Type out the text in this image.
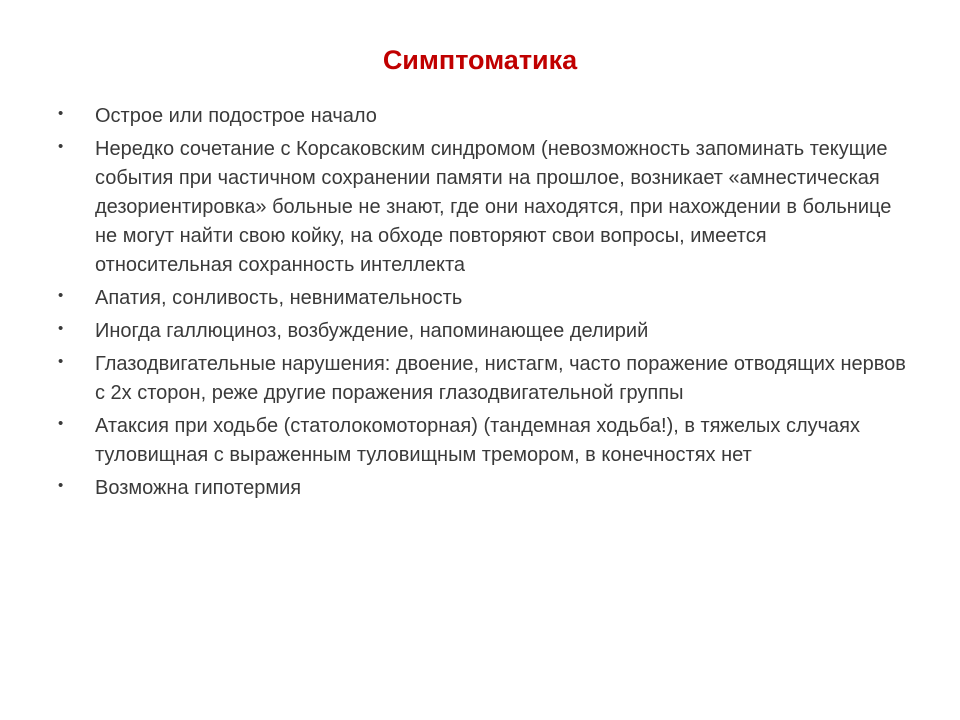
Симптоматика
•	Острое или подострое начало
•	Нередко сочетание с Корсаковским синдромом (невозможность запоминать текущие события при частичном сохранении памяти на прошлое, возникает «амнестическая дезориентировка» больные не знают, где они находятся, при нахождении в больнице не могут найти свою койку, на обходе повторяют свои вопросы, имеется относительная сохранность интеллекта
•	Апатия, сонливость, невнимательность
•	Иногда галлюциноз, возбуждение, напоминающее делирий
•	Глазодвигательные нарушения: двоение, нистагм, часто поражение отводящих нервов с 2х сторон, реже другие поражения глазодвигательной группы
•	Атаксия при ходьбе (статолокомоторная) (тандемная ходьба!), в тяжелых случаях туловищная с выраженным туловищным тремором, в конечностях нет
•	Возможна гипотермия
